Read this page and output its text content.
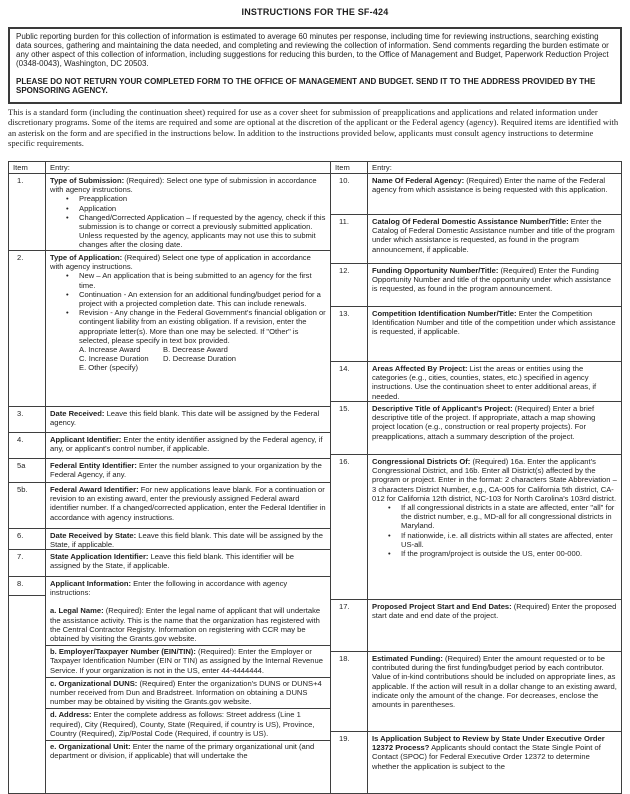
INSTRUCTIONS FOR THE SF-424
Public reporting burden for this collection of information is estimated to average 60 minutes per response, including time for reviewing instructions, searching existing data sources, gathering and maintaining the data needed, and completing and reviewing the collection of information. Send comments regarding the burden estimate or any other aspect of this collection of information, including suggestions for reducing this burden, to the Office of Management and Budget, Paperwork Reduction Project (0348-0043), Washington, DC 20503.
PLEASE DO NOT RETURN YOUR COMPLETED FORM TO THE OFFICE OF MANAGEMENT AND BUDGET. SEND IT TO THE ADDRESS PROVIDED BY THE SPONSORING AGENCY.
This is a standard form (including the continuation sheet) required for use as a cover sheet for submission of preapplications and applications and related information under discretionary programs. Some of the items are required and some are optional at the discretion of the applicant or the Federal agency (agency). Required items are identified with an asterisk on the form and are specified in the instructions below. In addition to the instructions provided below, applicants must consult agency instructions to determine specific requirements.
Item	Entry:
1.	Type of Submission: (Required): Select one type of submission in accordance with agency instructions.
• Preapplication
• Application
• Changed/Corrected Application – If requested by the agency, check if this submission is to change or correct a previously submitted application. Unless requested by the agency, applicants may not use this to submit changes after the closing date.
2.	Type of Application: (Required) Select one type of application in accordance with agency instructions.
• New – An application that is being submitted to an agency for the first time.
• Continuation - An extension for an additional funding/budget period for a project with a projected completion date. This can include renewals.
• Revision - Any change in the Federal Government's financial obligation or contingent liability from an existing obligation. If a revision, enter the appropriate letter(s). More than one may be selected. If "Other" is selected, please specify in text box provided.
A. Increase Award	B. Decrease Award
C. Increase Duration	D. Decrease Duration
E. Other (specify)
3.	Date Received: Leave this field blank. This date will be assigned by the Federal agency.
4.	Applicant Identifier: Enter the entity identifier assigned by the Federal agency, if any, or applicant's control number, if applicable.
5a	Federal Entity Identifier: Enter the number assigned to your organization by the Federal Agency, if any.
5b.	Federal Award Identifier: For new applications leave blank. For a continuation or revision to an existing award, enter the previously assigned Federal award identifier number. If a changed/corrected application, enter the Federal Identifier in accordance with agency instructions.
6.	Date Received by State: Leave this field blank. This date will be assigned by the State, if applicable.
7.	State Application Identifier: Leave this field blank. This identifier will be assigned by the State, if applicable.
8.	Applicant Information: Enter the following in accordance with agency instructions:
a. Legal Name: (Required): Enter the legal name of applicant that will undertake the assistance activity. This is the name that the organization has registered with the Central Contractor Registry. Information on registering with CCR may be obtained by visiting the Grants.gov website.
b. Employer/Taxpayer Number (EIN/TIN): (Required): Enter the Employer or Taxpayer Identification Number (EIN or TIN) as assigned by the Internal Revenue Service. If your organization is not in the US, enter 44-4444444.
c. Organizational DUNS: (Required) Enter the organization's DUNS or DUNS+4 number received from Dun and Bradstreet. Information on obtaining a DUNS number may be obtained by visiting the Grants.gov website.
d. Address: Enter the complete address as follows: Street address (Line 1 required), City (Required), County, State (Required, if country is US), Province, Country (Required), Zip/Postal Code (Required, if country is US).
e. Organizational Unit: Enter the name of the primary organizational unit (and department or division, if applicable) that will undertake the
Item	Entry:
10.	Name Of Federal Agency: (Required) Enter the name of the Federal agency from which assistance is being requested with this application.
11.	Catalog Of Federal Domestic Assistance Number/Title: Enter the Catalog of Federal Domestic Assistance number and title of the program under which assistance is requested, as found in the program announcement, if applicable.
12.	Funding Opportunity Number/Title: (Required) Enter the Funding Opportunity Number and title of the opportunity under which assistance is requested, as found in the program announcement.
13.	Competition Identification Number/Title: Enter the Competition Identification Number and title of the competition under which assistance is requested, if applicable.
14.	Areas Affected By Project: List the areas or entities using the categories (e.g., cities, counties, states, etc.) specified in agency instructions. Use the continuation sheet to enter additional areas, if needed.
15.	Descriptive Title of Applicant's Project: (Required) Enter a brief descriptive title of the project. If appropriate, attach a map showing project location (e.g., construction or real property projects). For preapplications, attach a summary description of the project.
16.	Congressional Districts Of: (Required) 16a. Enter the applicant's Congressional District, and 16b. Enter all District(s) affected by the program or project. Enter in the format: 2 characters State Abbreviation – 3 characters District Number, e.g., CA-005 for California 5th district, CA-012 for California 12th district, NC-103 for North Carolina's 103rd district.
• If all congressional districts in a state are affected, enter "all" for the district number, e.g., MD-all for all congressional districts in Maryland.
• If nationwide, i.e. all districts within all states are affected, enter US-all.
• If the program/project is outside the US, enter 00-000.
17.	Proposed Project Start and End Dates: (Required) Enter the proposed start date and end date of the project.
18.	Estimated Funding: (Required) Enter the amount requested or to be contributed during the first funding/budget period by each contributor. Value of in-kind contributions should be included on appropriate lines, as applicable. If the action will result in a dollar change to an existing award, indicate only the amount of the change. For decreases, enclose the amounts in parentheses.
19.	Is Application Subject to Review by State Under Executive Order 12372 Process? Applicants should contact the State Single Point of Contact (SPOC) for Federal Executive Order 12372 to determine whether the application is subject to the
